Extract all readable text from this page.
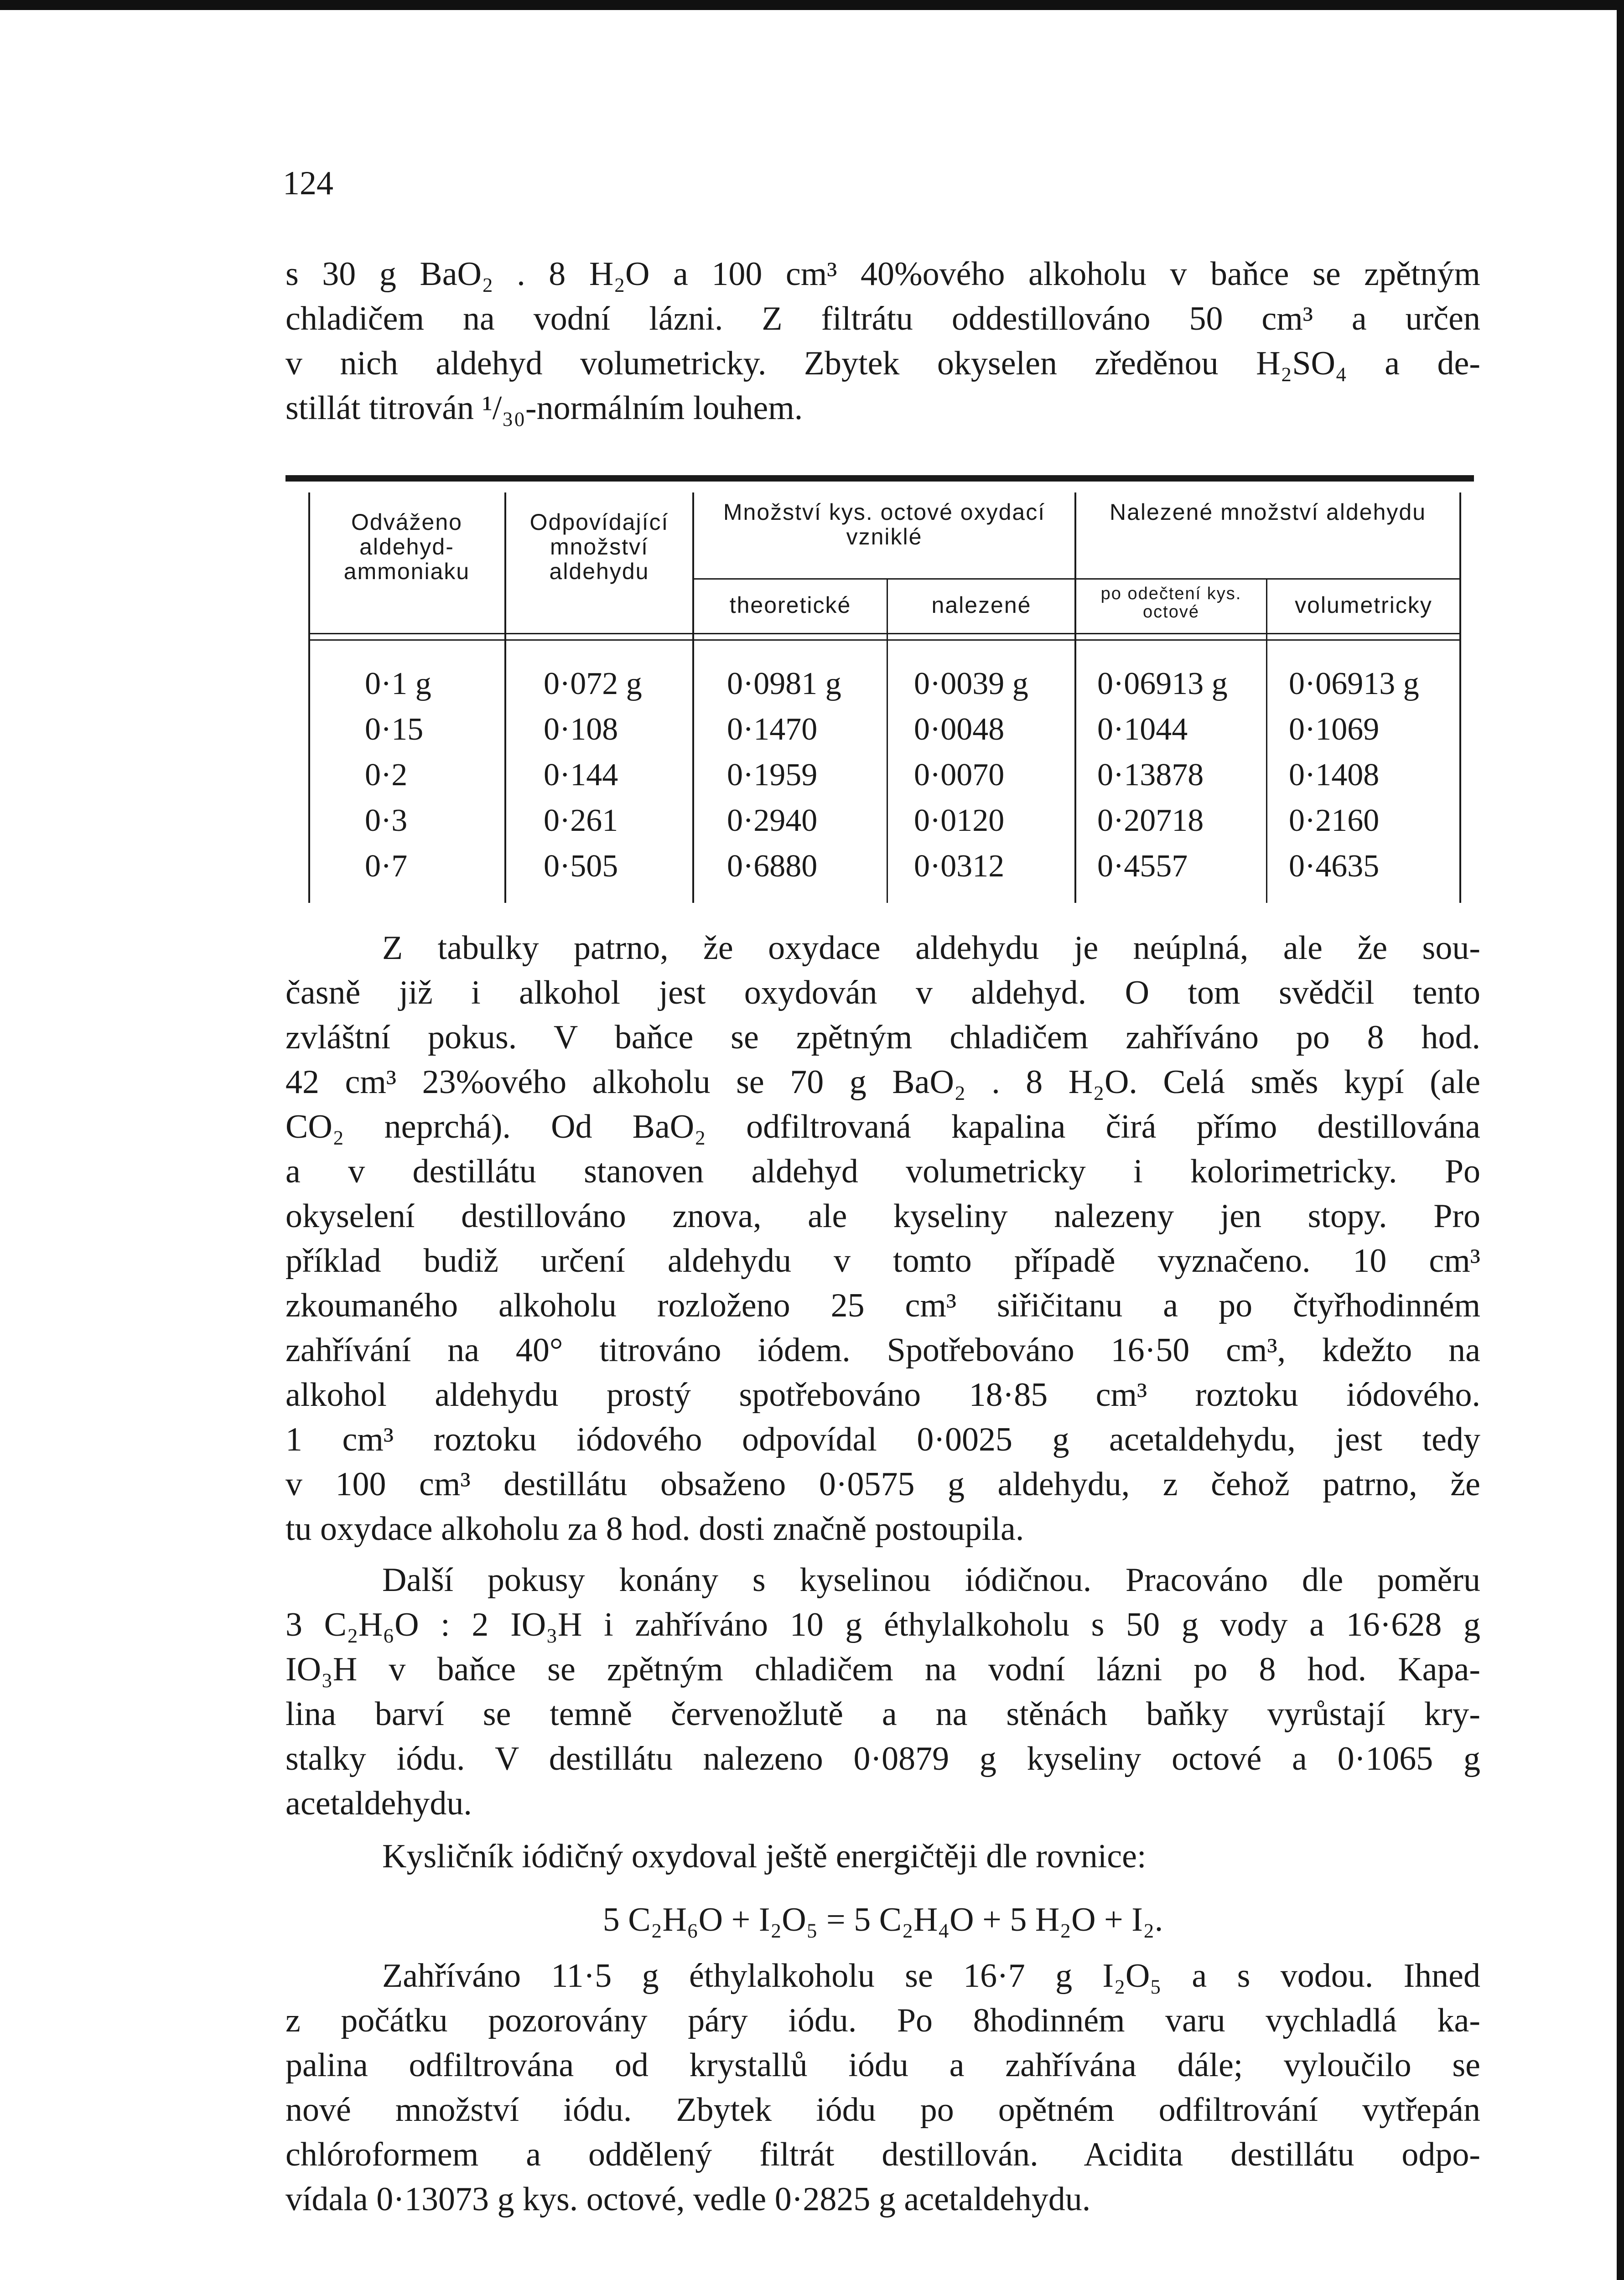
124
s 30 g BaO₂ . 8 H₂O a 100 cm³ 40%ového alkoholu v baňce se zpětným
chladičem na vodní lázni. Z filtrátu oddestillováno 50 cm³ a určen
v nich aldehyd volumetricky. Zbytek okyselen zředěnou H₂SO₄ a de-
stillát titrován ¹/₃₀-normálním louhem.
Odváženo aldehyd-ammoniaku
Odpovídající množství aldehydu
Množství kys. octové oxydací vzniklé
theoretické	nalezené
Nalezené množství aldehydu
po odečtení kys. octové	volumetricky
0·1 g	0·072 g	0·0981 g 0·0039 g 0·06913 g 0·06913 g
0·15	0·108	0·1470	0·0048	0·1044	0·1069
0·2	0·144	0·1959	0·0070	0·13878	0·1408
0·3	0·261	0·2940	0·0120	0·20718	0·2160
0·7	0·505	0·6880	0·0312	0·4557	0·4635
Z tabulky patrno, že oxydace aldehydu je neúplná, ale že sou-
časně již i alkohol jest oxydován v aldehyd. O tom svědčil tento
zvláštní pokus. V baňce se zpětným chladičem zahříváno po 8 hod.
42 cm³ 23%ového alkoholu se 70 g BaO₂ . 8 H₂O. Celá směs kypí (ale
CO₂ neprchá). Od BaO₂ odfiltrovaná kapalina čirá přímo destillována
a v destillátu stanoven aldehyd volumetricky i kolorimetricky. Po
okyselení destillováno znova, ale kyseliny nalezeny jen stopy. Pro
příklad budiž určení aldehydu v tomto případě vyznačeno. 10 cm³
zkoumaného alkoholu rozloženo 25 cm³ siřičitanu a po čtyřhodinném
zahřívání na 40° titrováno iódem. Spotřebováno 16·50 cm³, kdežto na
alkohol aldehydu prostý spotřebováno 18·85 cm³ roztoku iódového.
1 cm³ roztoku iódového odpovídal 0·0025 g acetaldehydu, jest tedy
v 100 cm³ destillátu obsaženo 0·0575 g aldehydu, z čehož patrno, že
tu oxydace alkoholu za 8 hod. dosti značně postoupila.
Další pokusy konány s kyselinou iódičnou. Pracováno dle poměru
3 C₂H₆O : 2 IO₃H i zahříváno 10 g éthylalkoholu s 50 g vody a 16·628 g
IO₃H v baňce se zpětným chladičem na vodní lázni po 8 hod. Kapa-
lina barví se temně červenožlutě a na stěnách baňky vyrůstají kry-
stalky iódu. V destillátu nalezeno 0·0879 g kyseliny octové a 0·1065 g
acetaldehydu.
Kysličník iódičný oxydoval ještě energičtěji dle rovnice:
5 C₂H₆O + I₂O₅ = 5 C₂H₄O + 5 H₂O + I₂.
Zahříváno 11·5 g éthylalkoholu se 16·7 g I₂O₅ a s vodou. Ihned
z počátku pozorovány páry iódu. Po 8hodinném varu vychladlá ka-
palina odfiltrována od krystallů iódu a zahřívána dále; vyloučilo se
nové množství iódu. Zbytek iódu po opětném odfiltrování vytřepán
chlóroformem a oddělený filtrát destillován. Acidita destillátu odpo-
vídala 0·13073 g kys. octové, vedle 0·2825 g acetaldehydu.
